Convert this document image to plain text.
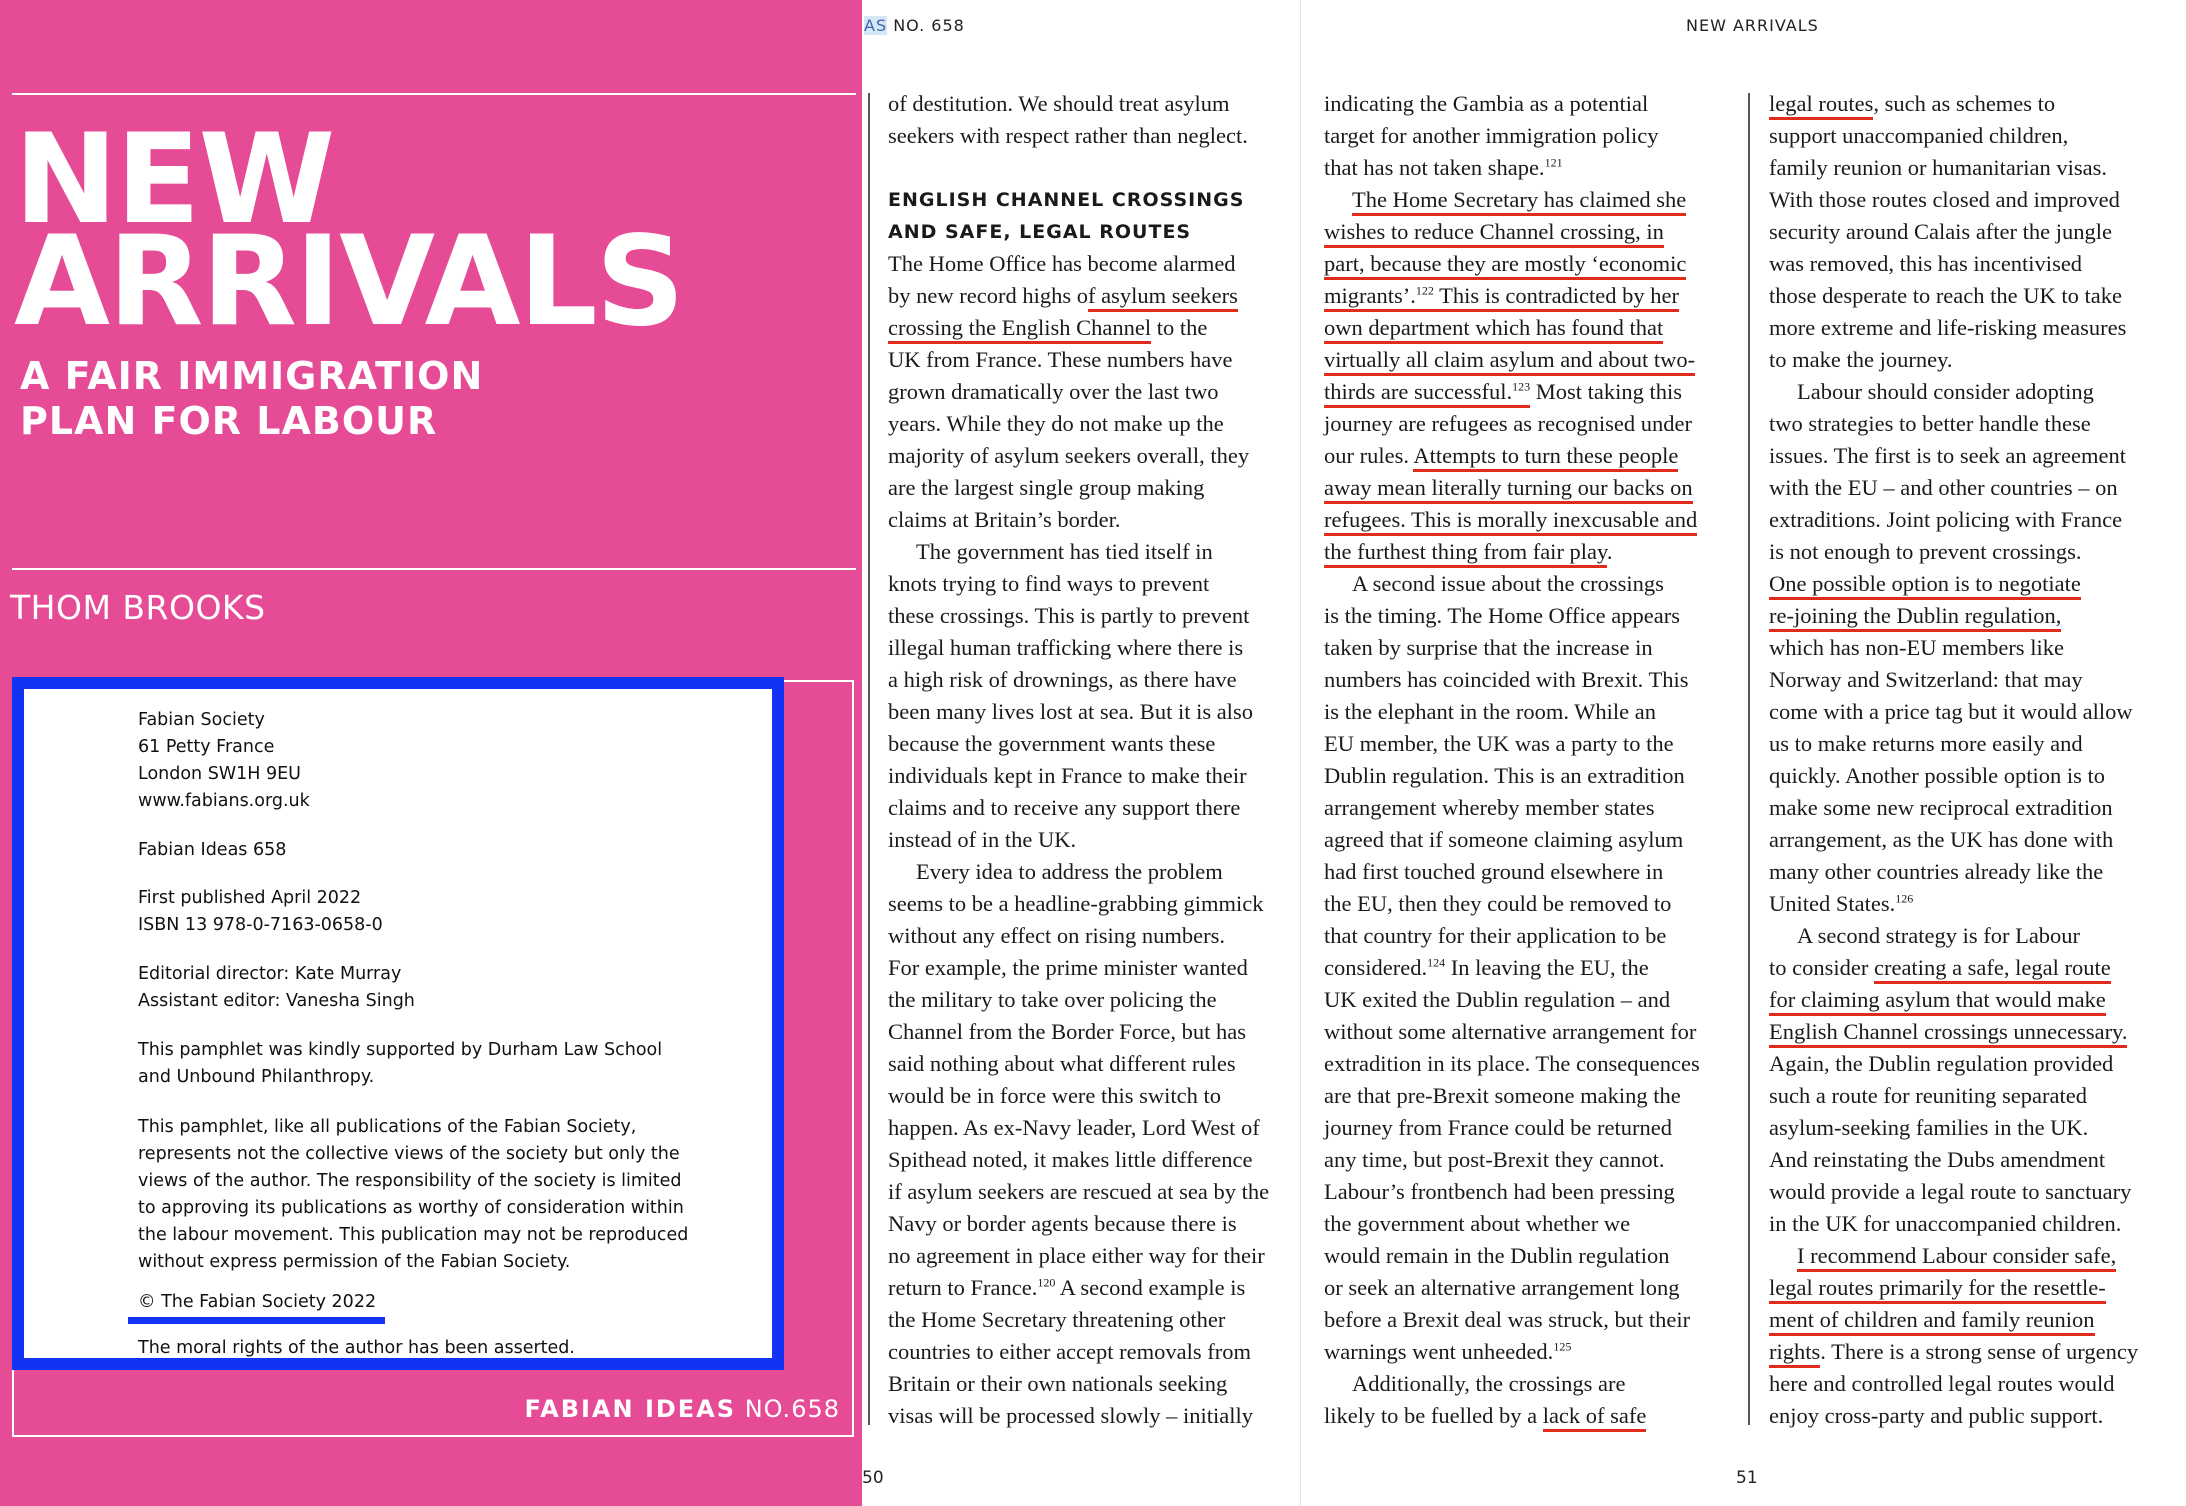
NEW
ARRIVALS
A FAIR IMMIGRATION
PLAN FOR LABOUR
THOM BROOKS
Fabian Society
61 Petty France
London SW1H 9EU
www.fabians.org.uk
Fabian Ideas 658
First published April 2022
ISBN 13 978-0-7163-0658-0
Editorial director: Kate Murray
Assistant editor: Vanesha Singh
This pamphlet was kindly supported by Durham Law School
and Unbound Philanthropy.
This pamphlet, like all publications of the Fabian Society,
represents not the collective views of the society but only the
views of the author. The responsibility of the society is limited
to approving its publications as worthy of consideration within
the labour movement. This publication may not be reproduced
without express permission of the Fabian Society.
© The Fabian Society 2022
The moral rights of the author has been asserted.
FABIAN IDEAS NO.658
AS NO. 658	NEW ARRIVALS

of destitution. We should treat asylum

seekers with respect rather than neglect.

ENGLISH CHANNEL CROSSINGS

AND SAFE, LEGAL ROUTES

The Home Office has become alarmed

by new record highs of asylum seekers

crossing the English Channel to the

UK from France. These numbers have

grown dramatically over the last two

years. While they do not make up the

majority of asylum seekers overall, they

are the largest single group making

claims at Britain’s border.

The government has tied itself in

knots trying to find ways to prevent

these crossings. This is partly to prevent

illegal human trafficking where there is

a high risk of drownings, as there have

been many lives lost at sea. But it is also

because the government wants these

individuals kept in France to make their

claims and to receive any support there

instead of in the UK.

Every idea to address the problem

seems to be a headline-grabbing gimmick

without any effect on rising numbers.

For example, the prime minister wanted

the military to take over policing the

Channel from the Border Force, but has

said nothing about what different rules

would be in force were this switch to

happen. As ex-Navy leader, Lord West of

Spithead noted, it makes little difference

if asylum seekers are rescued at sea by the

Navy or border agents because there is

no agreement in place either way for their

return to France.$^{120}$ A second example is

the Home Secretary threatening other

countries to either accept removals from

Britain or their own nationals seeking

visas will be processed slowly – initially

indicating the Gambia as a potential

target for another immigration policy

that has not taken shape.$^{121}$

The Home Secretary has claimed she

wishes to reduce Channel crossing, in

part, because they are mostly ‘economic

migrants’.$^{122}$ This is contradicted by her

own department which has found that

virtually all claim asylum and about two-

thirds are successful.$^{123}$ Most taking this

journey are refugees as recognised under

our rules. Attempts to turn these people

away mean literally turning our backs on

refugees. This is morally inexcusable and

the furthest thing from fair play.

A second issue about the crossings

is the timing. The Home Office appears

taken by surprise that the increase in

numbers has coincided with Brexit. This

is the elephant in the room. While an

EU member, the UK was a party to the

Dublin regulation. This is an extradition

arrangement whereby member states

agreed that if someone claiming asylum

had first touched ground elsewhere in

the EU, then they could be removed to

that country for their application to be

considered.$^{124}$ In leaving the EU, the

UK exited the Dublin regulation – and

without some alternative arrangement for

extradition in its place. The consequences

are that pre-Brexit someone making the

journey from France could be returned

any time, but post-Brexit they cannot.

Labour’s frontbench had been pressing

the government about whether we

would remain in the Dublin regulation

or seek an alternative arrangement long

before a Brexit deal was struck, but their

warnings went unheeded.$^{125}$

Additionally, the crossings are

likely to be fuelled by a lack of safe

legal routes, such as schemes to

support unaccompanied children,

family reunion or humanitarian visas.

With those routes closed and improved

security around Calais after the jungle

was removed, this has incentivised

those desperate to reach the UK to take

more extreme and life-risking measures

to make the journey.

Labour should consider adopting

two strategies to better handle these

issues. The first is to seek an agreement

with the EU – and other countries – on

extraditions. Joint policing with France

is not enough to prevent crossings.

One possible option is to negotiate

re-joining the Dublin regulation,

which has non-EU members like

Norway and Switzerland: that may

come with a price tag but it would allow

us to make returns more easily and

quickly. Another possible option is to

make some new reciprocal extradition

arrangement, as the UK has done with

many other countries already like the

United States.$^{126}$

A second strategy is for Labour

to consider creating a safe, legal route

for claiming asylum that would make

English Channel crossings unnecessary.

Again, the Dublin regulation provided

such a route for reuniting separated

asylum-seeking families in the UK.

And reinstating the Dubs amendment

would provide a legal route to sanctuary

in the UK for unaccompanied children.

I recommend Labour consider safe,

legal routes primarily for the resettle-

ment of children and family reunion

rights. There is a strong sense of urgency

here and controlled legal routes would

enjoy cross-party and public support.

50	51
